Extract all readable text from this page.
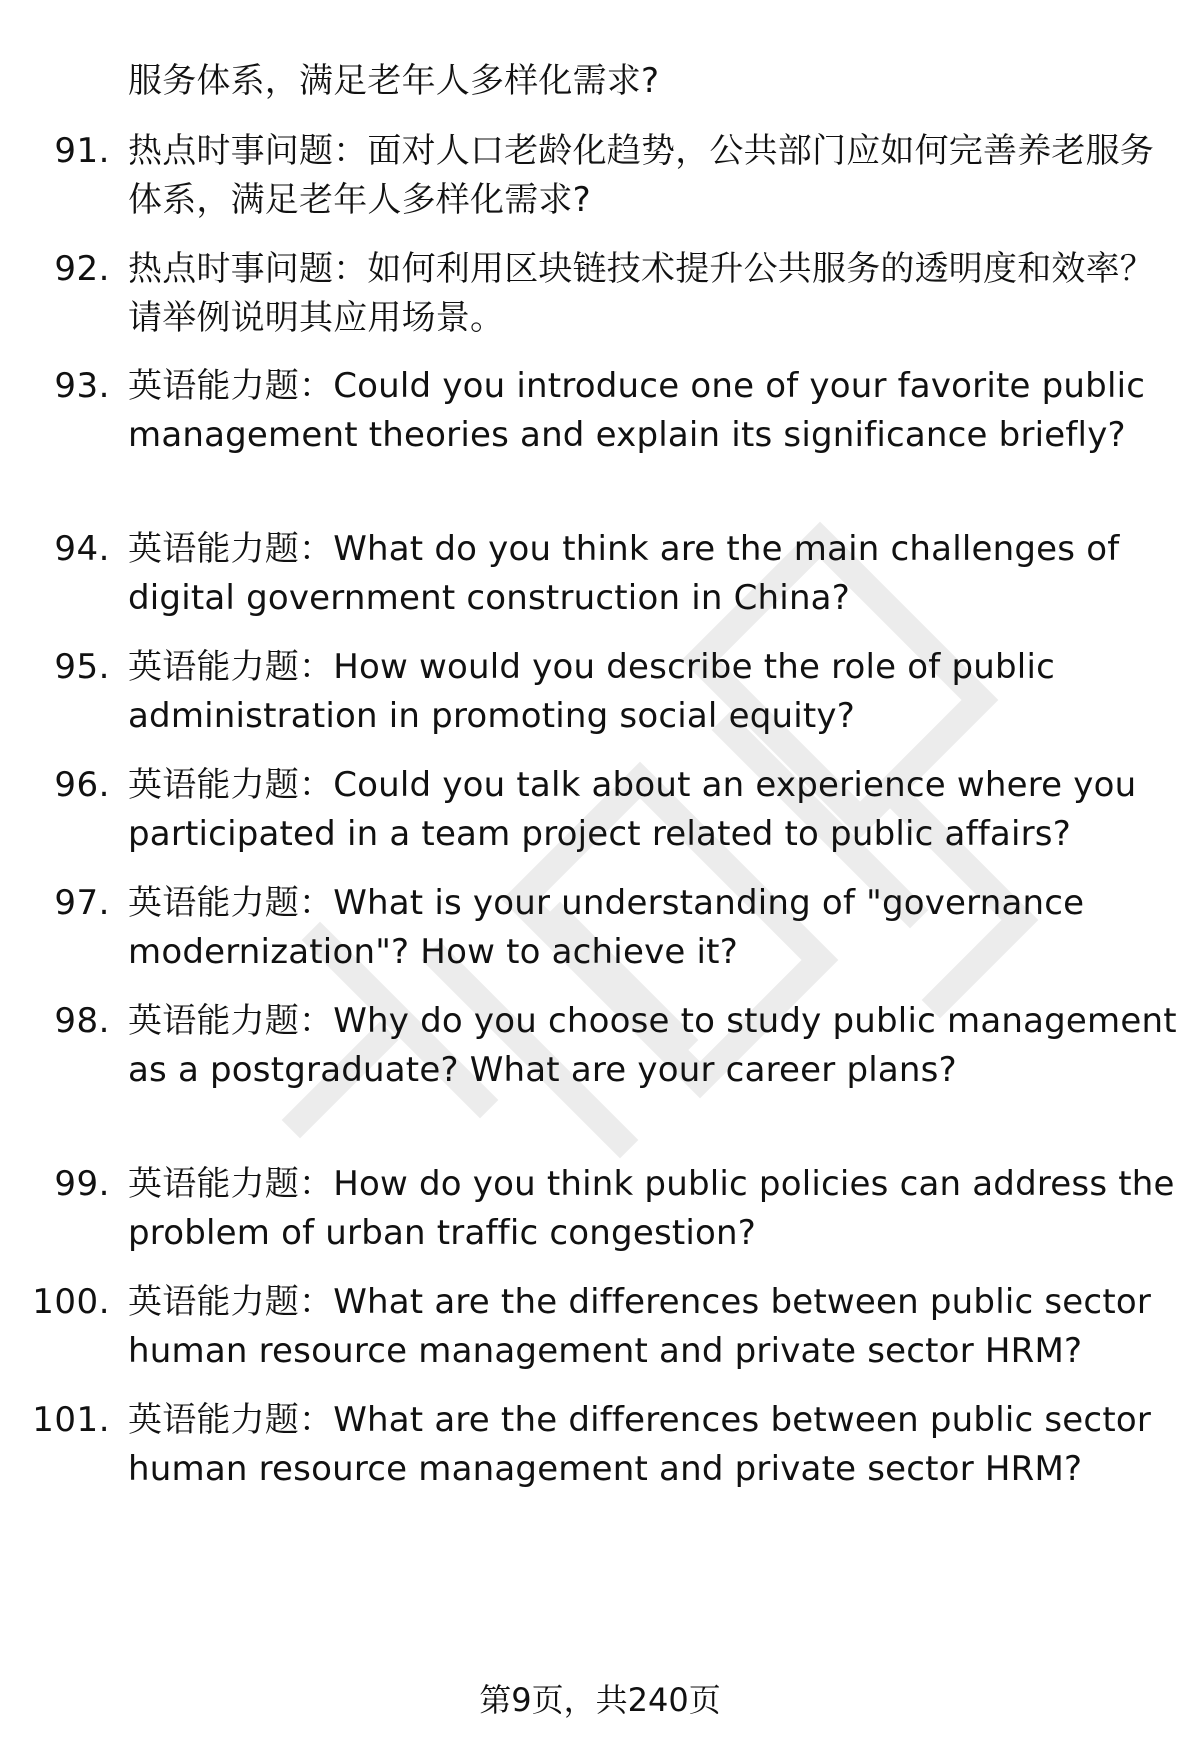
服务体系，满足老年人多样化需求?
91. 热点时事问题：面对人口老龄化趋势，公共部门应如何完善养老服务体系，满足老年人多样化需求?
92. 热点时事问题：如何利用区块链技术提升公共服务的透明度和效率？请举例说明其应用场景。
93. 英语能力题：Could you introduce one of your favorite public management theories and explain its significance briefly?
94. 英语能力题：What do you think are the main challenges of digital government construction in China?
95. 英语能力题：How would you describe the role of public administration in promoting social equity?
96. 英语能力题：Could you talk about an experience where you participated in a team project related to public affairs?
97. 英语能力题：What is your understanding of "governance modernization"? How to achieve it?
98. 英语能力题：Why do you choose to study public management as a postgraduate? What are your career plans?
99. 英语能力题：How do you think public policies can address the problem of urban traffic congestion?
100. 英语能力题：What are the differences between public sector human resource management and private sector HRM?
101. 英语能力题：What are the differences between public sector human resource management and private sector HRM?
第9页，共240页
